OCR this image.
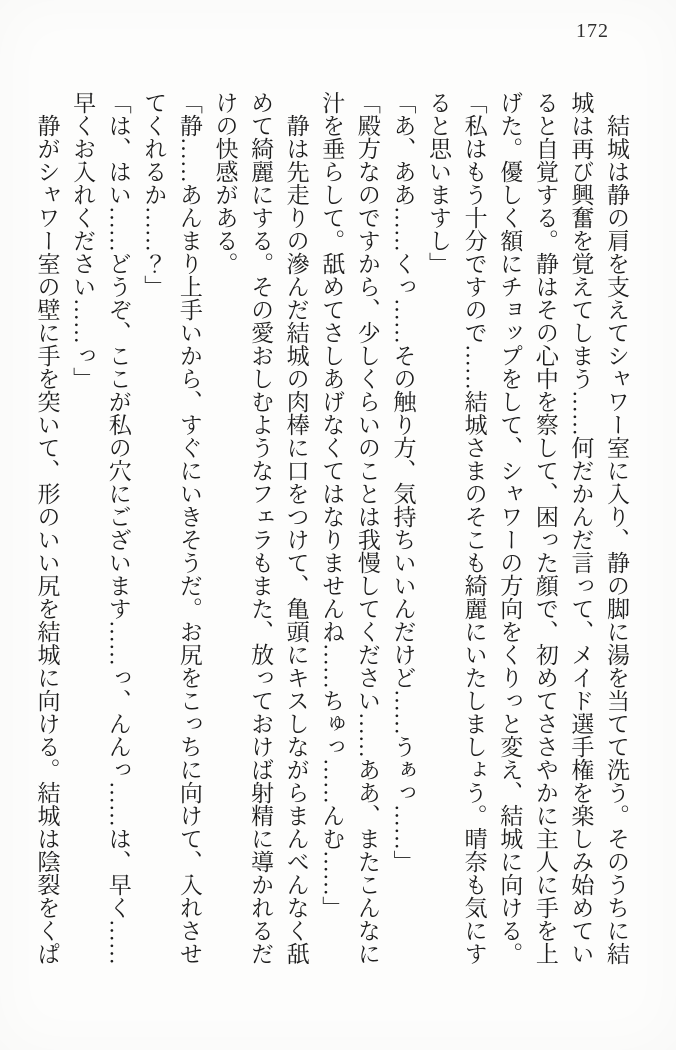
172

結城は静の肩を支えてシャワー室に入り、静の脚に湯を当てて洗う。そのうちに結城は再び興奮を覚えてしまう……何だかんだ言って、メイド選手権を楽しみ始めていると自覚する。静はその心中を察して、困った顔で、初めてささやかに主人に手を上げた。優しく額にチョップをして、シャワーの方向をくりっと変え、結城に向ける。

「私はもう十分ですので……結城さまのそこも綺麗にいたしましょう。晴奈も気にすると思いますし」

「あ、ああ……くっ……その触り方、気持ちいいんだけど……うぁっ……」

「殿方なのですから、少しくらいのことは我慢してください……ああ、またこんなに汁を垂らして。舐めてさしあげなくてはなりませんね……ちゅっ……んむ……」

静は先走りの滲んだ結城の肉棒に口をつけて、亀頭にキスしながらまんべんなく舐めて綺麗にする。その愛おしむようなフェラもまた、放っておけば射精に導かれるだけの快感がある。

「静……あんまり上手いから、すぐにいきそうだ。お尻をこっちに向けて、入れさせてくれるか……？」

「は、はい……どうぞ、ここが私の穴にございます……っ、んんっ……は、早く……早くお入れください……っ」

静がシャワー室の壁に手を突いて、形のいい尻を結城に向ける。結城は陰裂をくぱ
